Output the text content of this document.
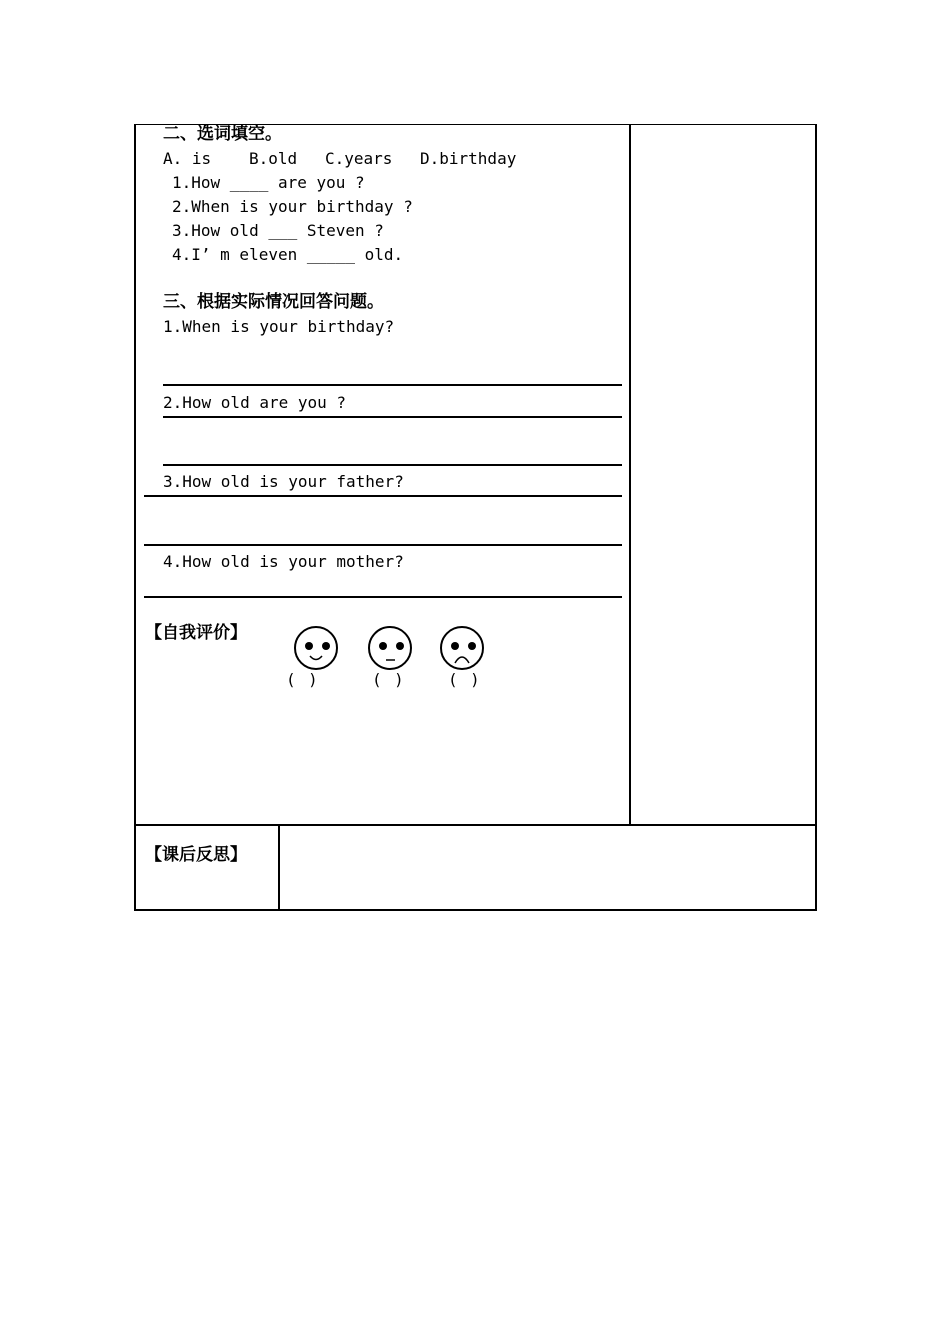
二、选词填空。
A. is B.old C.years D.birthday
1.How ____ are you ?
2.When is your birthday ?
3.How old ___ Steven ?
4.I’ m eleven _____ old.
三、根据实际情况回答问题。
1.When is your birthday?
2.How old are you ?
3.How old is your father?
4.How old is your mother?
【自我评价】
(   )	(   )	(   )
【课后反思】
